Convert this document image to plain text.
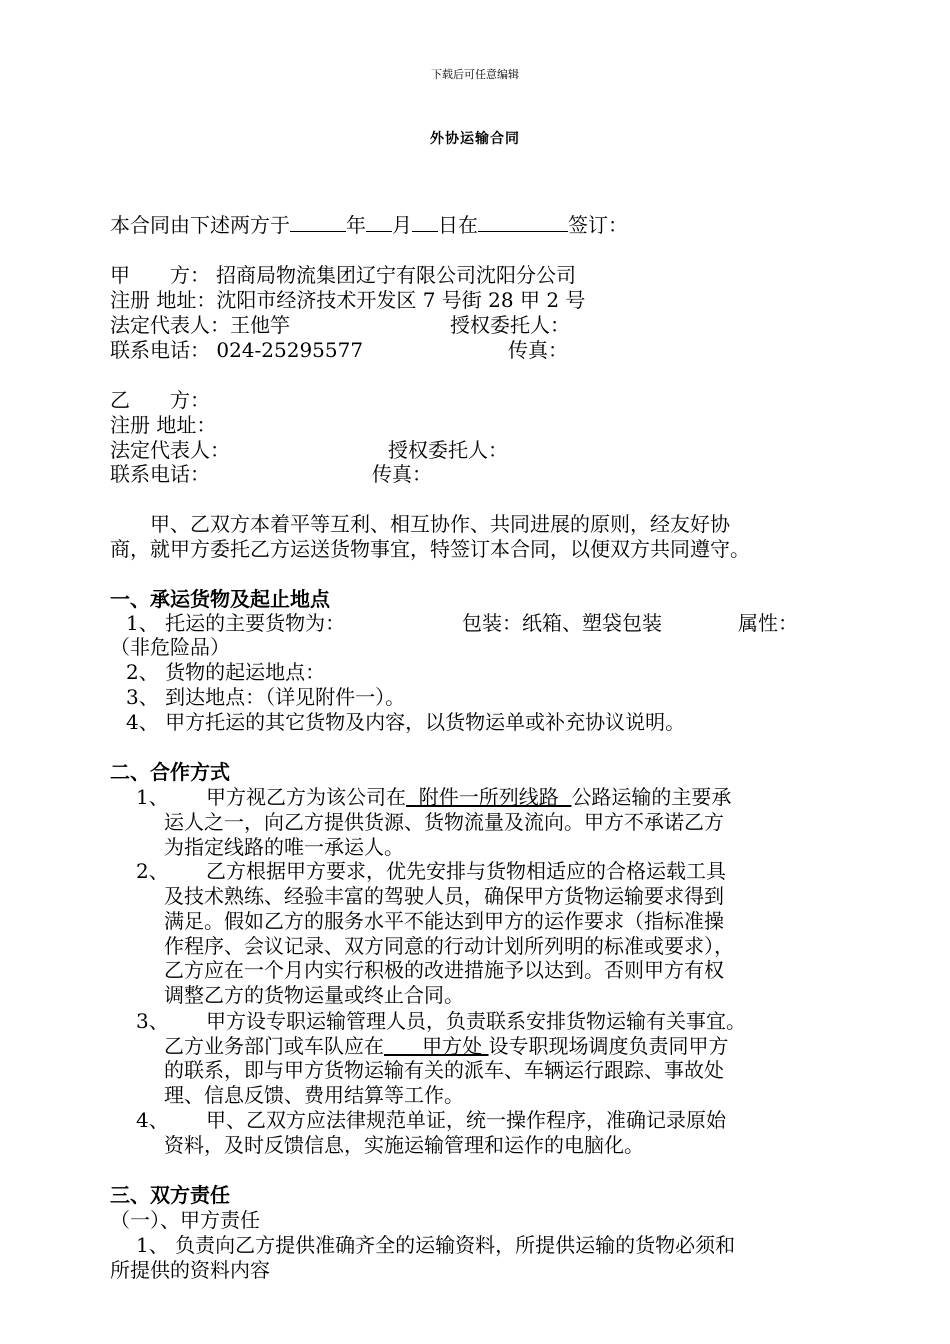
下载后可任意编辑
外协运输合同
本合同由下述两方于	年 月 日在	签订：
甲　　方： 招商局物流集团辽宁有限公司沈阳分公司
注册 地址：沈阳市经济技术开发区 7 号街 28 甲 2 号
法定代表人：王他竽	授权委托人：
联系电话： 024-25295577	传真：
乙　　方：
注册 地址：
法定代表人：	授权委托人：
联系电话：	传真：
甲、乙双方本着平等互利、相互协作、共同进展的原则，经友好协
商，就甲方委托乙方运送货物事宜，特签订本合同，以便双方共同遵守。
一、承运货物及起止地点
1、 托运的主要货物为：	包装：纸箱、塑袋包装	属性：
（非危险品）
2、 货物的起运地点：
3、 到达地点：（详见附件一）。
4、 甲方托运的其它货物及内容，以货物运单或补充协议说明。
二、合作方式
1、 甲方视乙方为该公司在  附件一所列线路  公路运输的主要承
运人之一，向乙方提供货源、货物流量及流向。甲方不承诺乙方
为指定线路的唯一承运人。
2、 乙方根据甲方要求，优先安排与货物相适应的合格运载工具
及技术熟练、经验丰富的驾驶人员，确保甲方货物运输要求得到
满足。假如乙方的服务水平不能达到甲方的运作要求（指标准操
作程序、会议记录、双方同意的行动计划所列明的标准或要求），
乙方应在一个月内实行积极的改进措施予以达到。否则甲方有权
调整乙方的货物运量或终止合同。
3、 甲方设专职运输管理人员，负责联系安排货物运输有关事宜。
乙方业务部门或车队应在      甲方处 设专职现场调度负责同甲方
的联系，即与甲方货物运输有关的派车、车辆运行跟踪、事故处
理、信息反馈、费用结算等工作。
4、 甲、乙双方应法律规范单证，统一操作程序，准确记录原始
资料，及时反馈信息，实施运输管理和运作的电脑化。
三、双方责任
（一）、甲方责任
1、 负责向乙方提供准确齐全的运输资料，所提供运输的货物必须和
所提供的资料内容
